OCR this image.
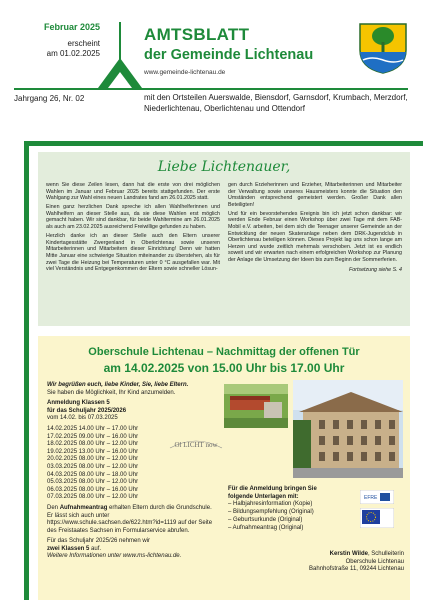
Februar 2025
erscheint
am 01.02.2025
AMTSBLATT
der Gemeinde Lichtenau
www.gemeinde-lichtenau.de
Jahrgang 26, Nr. 02	mit den Ortsteilen Auerswalde, Biensdorf, Garnsdorf, Krumbach, Merzdorf, Niederlichtenau, Oberlichtenau und Ottendorf
Liebe Lichtenauer,

wenn Sie diese Zeilen lesen, dann hat die erste von drei möglichen Wahlen im Januar und Februar 2025 bereits stattgefunden. Der erste Wahlgang zur Wahl eines neuen Landrates fand am 26.01.2025 statt.

Einen ganz herzlichen Dank spreche ich allen Wahlhelferinnen und Wahlhelfern an dieser Stelle aus, da sie diese Wahlen erst möglich gemacht haben. Wir sind dankbar, für beide Wahltermine am 26.01.2025 als auch am 23.02.2025 ausreichend Freiwillige gefunden zu haben.

Herzlich danke ich an dieser Stelle auch den Eltern unserer Kindertagesstätte Zwergenland in Oberlichtenau sowie unseren Mitarbeiterinnen und Mitarbeitern dieser Einrichtung! Denn wir hatten Mitte Januar eine schwierige Situation miteinander zu überstehen, als für zwei Tage die Heizung bei Temperaturen unter 0 °C ausgefallen war. Mit viel Verständnis und Entgegenkommen der Eltern sowie schneller Lösun-

gen durch Erzieherinnen und Erzieher, Mitarbeiterinnen und Mitarbeiter der Verwaltung sowie unseres Hausmeisters konnte die Situation den Umständen entsprechend gemeistert werden. Großer Dank allen Beteiligten!

Und für ein bevorstehendes Ereignis bin ich jetzt schon dankbar: wir werden Ende Februar einen Workshop über zwei Tage mit dem FAB-Mobil e.V. arbeiten, bei dem sich die Teenager unserer Gemeinde an der Entwicklung der neuen Skateranlage neben dem DRK-Jugendclub in Oberlichtenau beteiligen können. Dieses Projekt lag uns schon lange am Herzen und wurde zeitlich mehrmals verschoben. Jetzt ist es endlich soweit und wir erwarten nach einem erfolgreichen Workshop zur Planung der Anlage die Umsetzung der Ideen bis zum Beginn der Sommerferien.

Fortsetzung siehe S. 4
Oberschule Lichtenau – Nachmittag der offenen Tür
am 14.02.2025 von 15.00 Uhr bis 17.00 Uhr
Wir begrüßen euch, liebe Kinder, Sie, liebe Eltern.
Sie haben die Möglichkeit, Ihr Kind anzumelden.
Anmeldung Klassen 5
für das Schuljahr 2025/2026
vom 14.02. bis 07.03.2025
14.02.2025 14.00 Uhr – 17.00 Uhr
17.02.2025 09.00 Uhr – 16.00 Uhr
18.02.2025 08.00 Uhr – 12.00 Uhr
19.02.2025 13.00 Uhr – 16.00 Uhr
20.02.2025 08.00 Uhr – 12.00 Uhr
03.03.2025 08.00 Uhr – 12.00 Uhr
04.03.2025 08.00 Uhr – 18.00 Uhr
05.03.2025 08.00 Uhr – 12.00 Uhr
06.03.2025 08.00 Uhr – 16.00 Uhr
07.03.2025 08.00 Uhr – 12.00 Uhr
Den Aufnahmeantrag erhalten Eltern durch die Grundschule. Er lässt sich auch unter https://www.schule.sachsen.de/622.htm?id=1119 auf der Seite des Freistaates Sachsen im Formularservice abrufen.
Für das Schuljahr 2025/26 nehmen wir
zwei Klassen 5 auf.
Weitere Informationen unter www.ms-lichtenau.de.
Ol LICHT now
Für die Anmeldung bringen Sie folgende Unterlagen mit:
– Halbjahresinformation (Kopie)
– Bildungsempfehlung (Original)
– Geburtsurkunde (Original)
– Aufnahmeantrag (Original)
EFRE
Kerstin Wilde, Schulleiterin
Oberschule Lichtenau
Bahnhofstraße 11, 09244 Lichtenau
